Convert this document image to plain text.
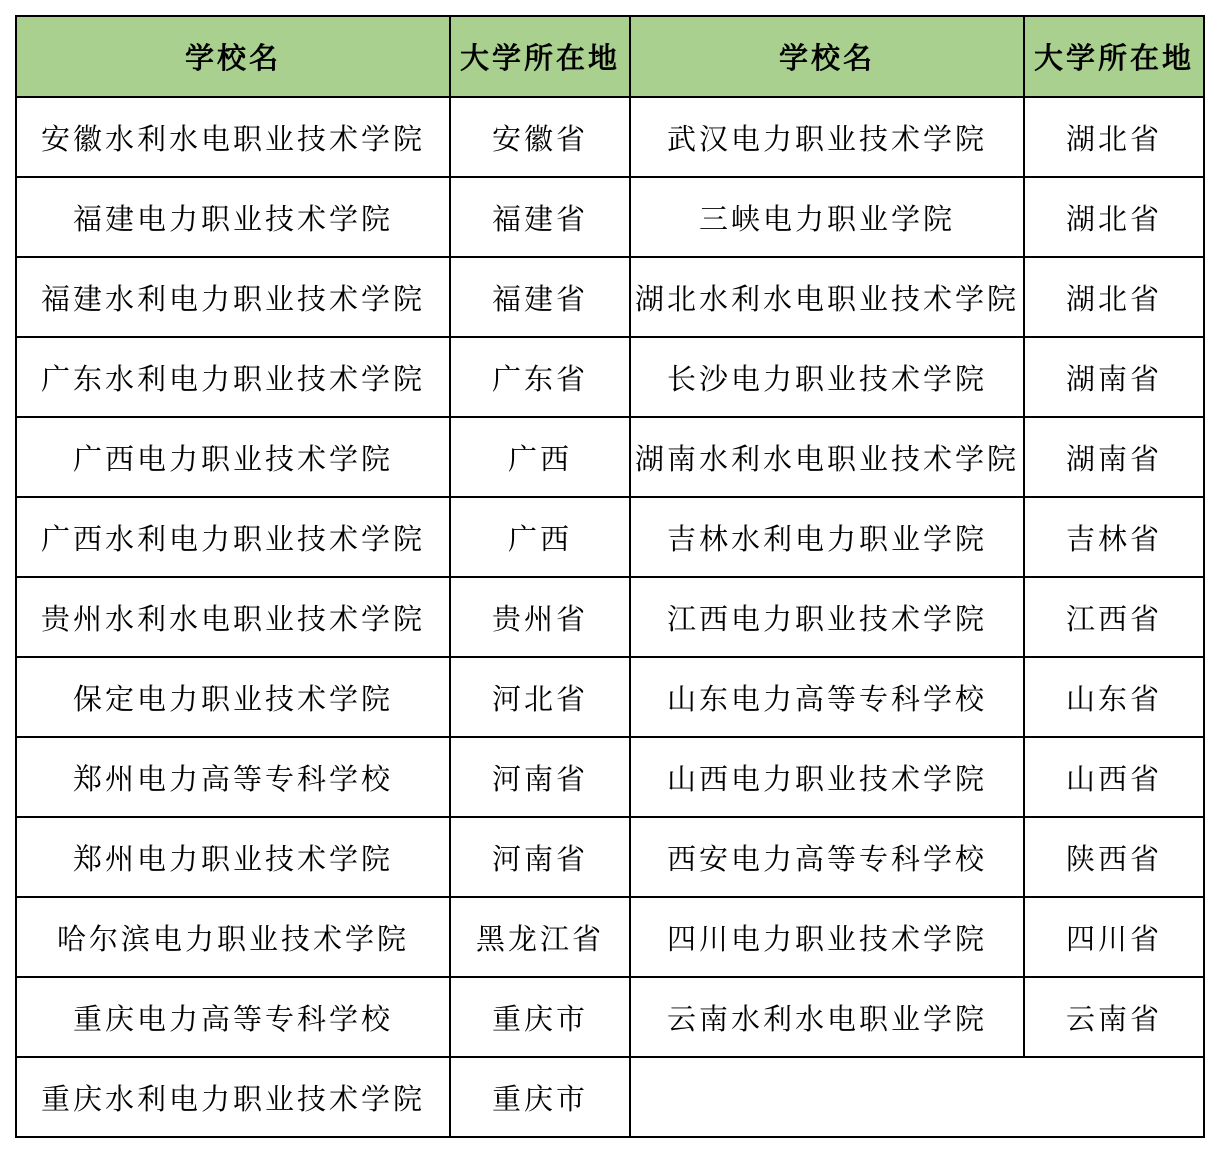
学校名	大学所在地	学校名	大学所在地
安徽水利水电职业技术学院	安徽省	武汉电力职业技术学院	湖北省
福建电力职业技术学院	福建省	三峡电力职业学院	湖北省
福建水利电力职业技术学院	福建省	湖北水利水电职业技术学院	湖北省
广东水利电力职业技术学院	广东省	长沙电力职业技术学院	湖南省
广西电力职业技术学院	广西	湖南水利水电职业技术学院	湖南省
广西水利电力职业技术学院	广西	吉林水利电力职业学院	吉林省
贵州水利水电职业技术学院	贵州省	江西电力职业技术学院	江西省
保定电力职业技术学院	河北省	山东电力高等专科学校	山东省
郑州电力高等专科学校	河南省	山西电力职业技术学院	山西省
郑州电力职业技术学院	河南省	西安电力高等专科学校	陕西省
哈尔滨电力职业技术学院	黑龙江省	四川电力职业技术学院	四川省
重庆电力高等专科学校	重庆市	云南水利水电职业学院	云南省
重庆水利电力职业技术学院	重庆市		
